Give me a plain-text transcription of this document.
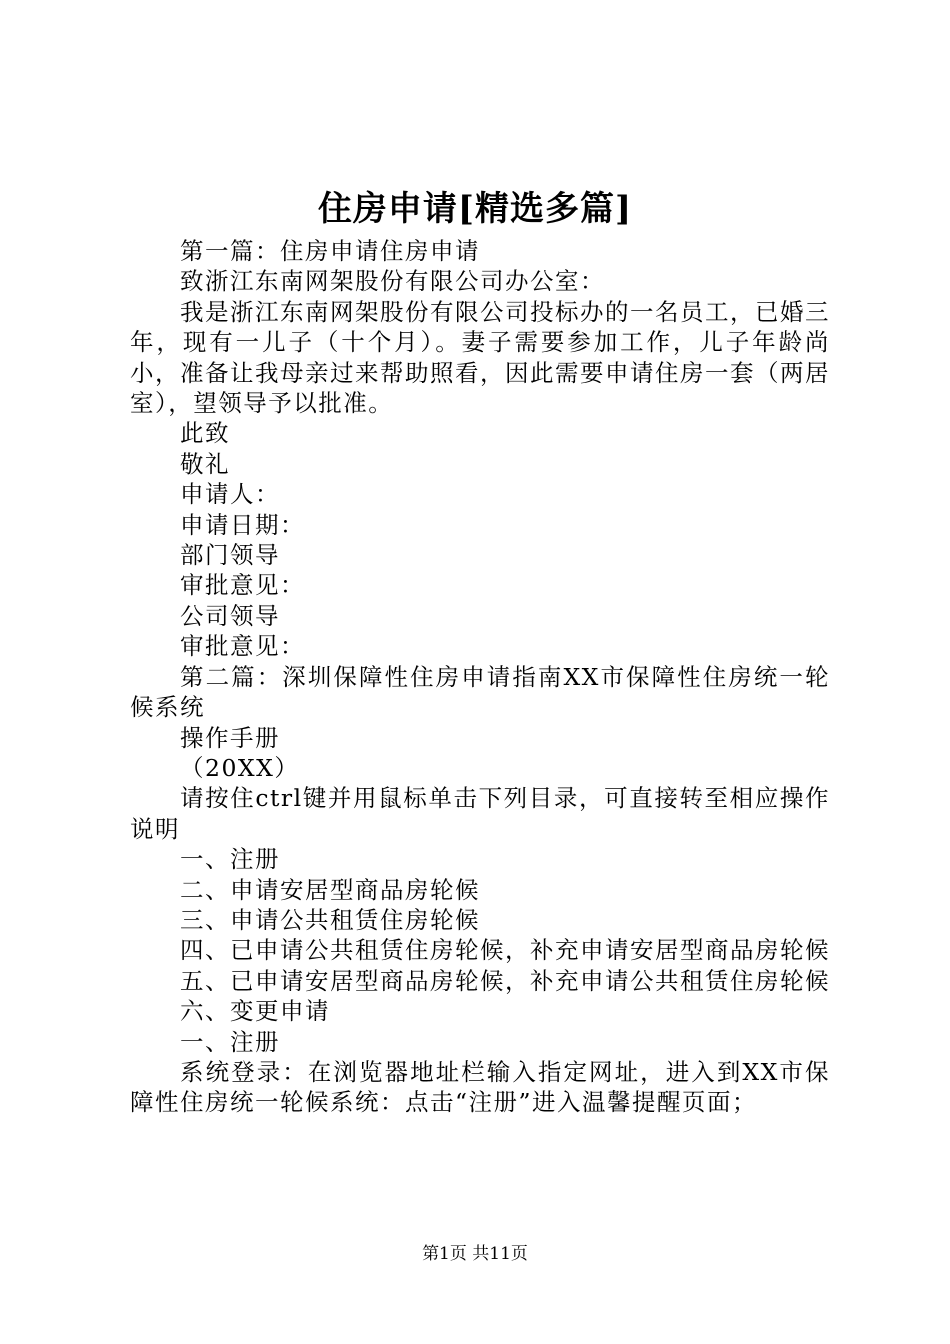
住房申请[精选多篇]

第一篇：住房申请住房申请

致浙江东南网架股份有限公司办公室：

我是浙江东南网架股份有限公司投标办的一名员工，已婚三年，现有一儿子（十个月）。妻子需要参加工作，儿子年龄尚小，准备让我母亲过来帮助照看，因此需要申请住房一套（两居室），望领导予以批准。

此致

敬礼

申请人：

申请日期：

部门领导

审批意见：

公司领导

审批意见：

第二篇：深圳保障性住房申请指南XX市保障性住房统一轮候系统

操作手册

（20XX）

请按住ctrl键并用鼠标单击下列目录，可直接转至相应操作说明

一、注册

二、申请安居型商品房轮候

三、申请公共租赁住房轮候

四、已申请公共租赁住房轮候，补充申请安居型商品房轮候

五、已申请安居型商品房轮候，补充申请公共租赁住房轮候

六、变更申请

一、注册

系统登录：在浏览器地址栏输入指定网址，进入到XX市保障性住房统一轮候系统：点击“注册”进入温馨提醒页面；

第1页 共11页
